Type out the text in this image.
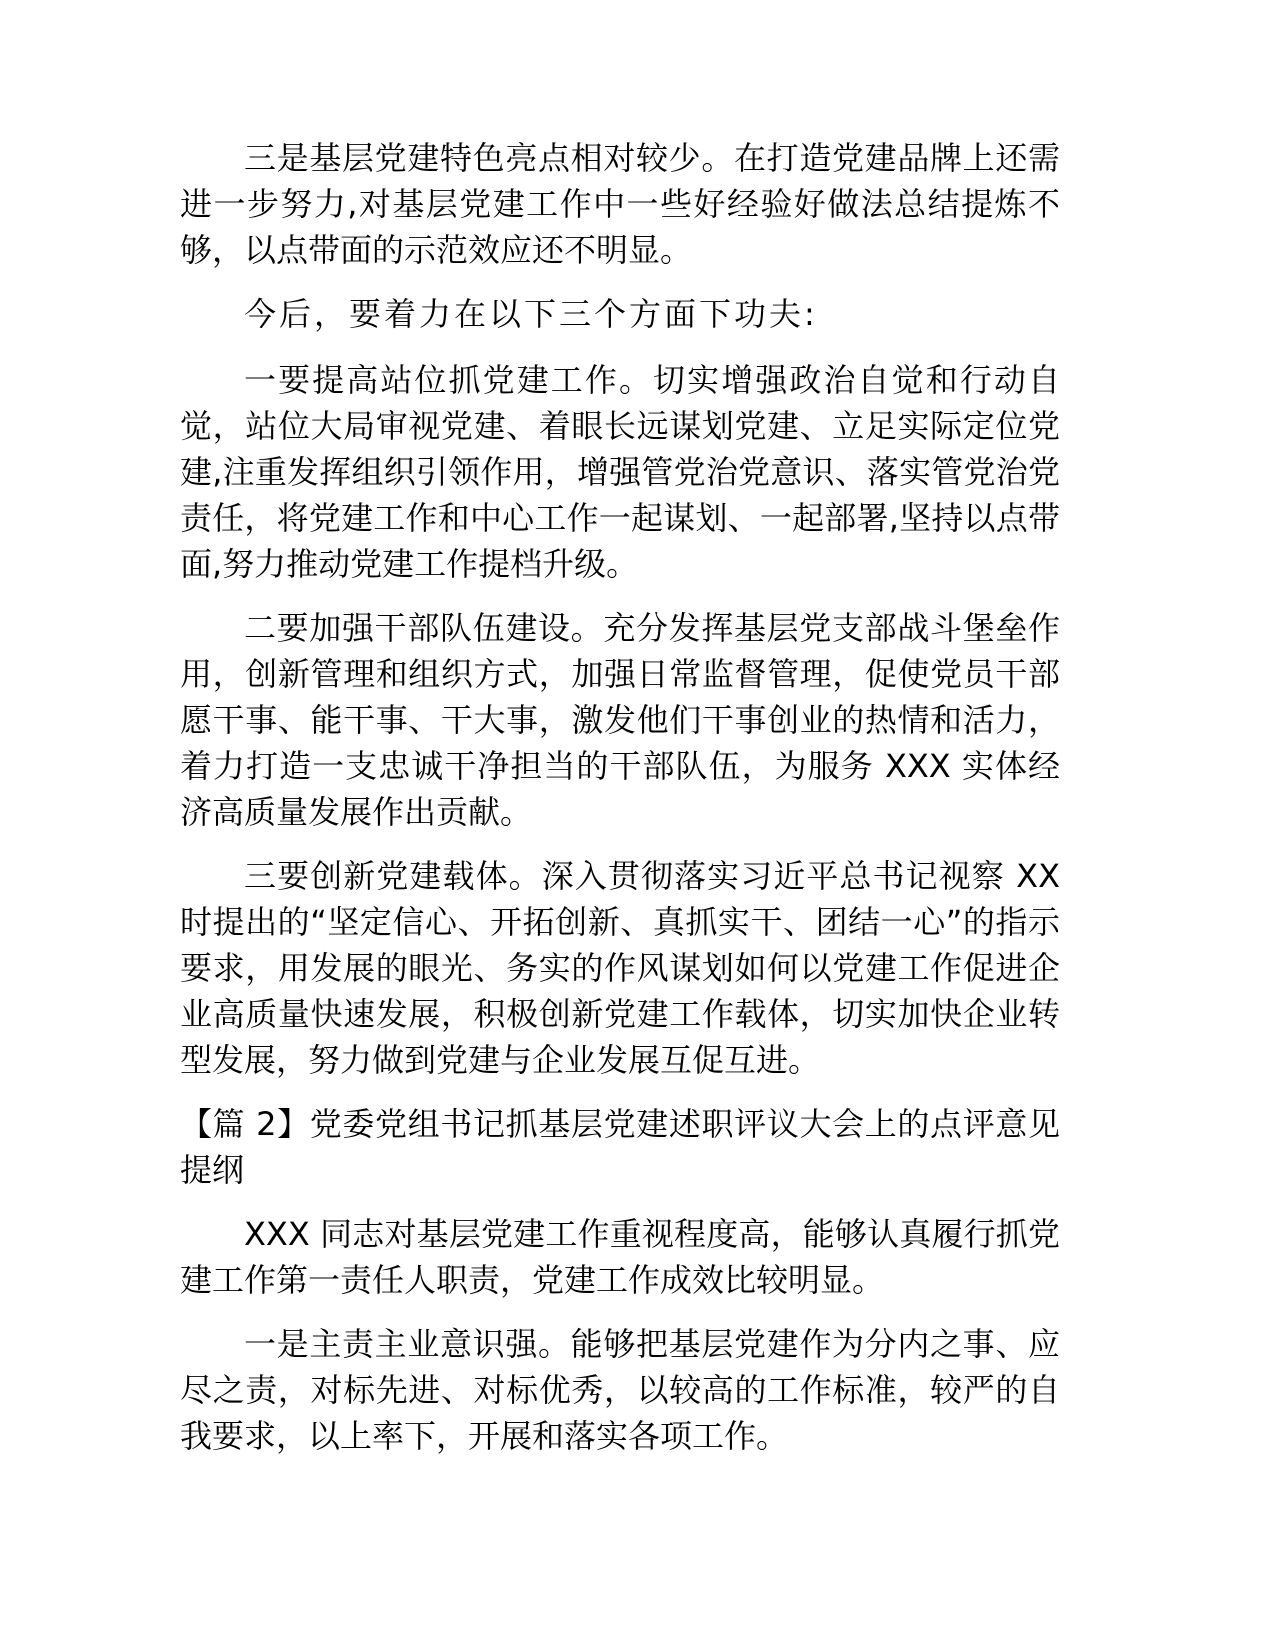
三是基层党建特色亮点相对较少。在打造党建品牌上还需进一步努力,对基层党建工作中一些好经验好做法总结提炼不够，以点带面的示范效应还不明显。

今后，要着力在以下三个方面下功夫:

一要提高站位抓党建工作。切实增强政治自觉和行动自觉，站位大局审视党建、着眼长远谋划党建、立足实际定位党建,注重发挥组织引领作用，增强管党治党意识、落实管党治党责任，将党建工作和中心工作一起谋划、一起部署,坚持以点带面,努力推动党建工作提档升级。

二要加强干部队伍建设。充分发挥基层党支部战斗堡垒作用，创新管理和组织方式，加强日常监督管理，促使党员干部愿干事、能干事、干大事，激发他们干事创业的热情和活力，着力打造一支忠诚干净担当的干部队伍，为服务 XXX 实体经济高质量发展作出贡献。

三要创新党建载体。深入贯彻落实习近平总书记视察 XX 时提出的“坚定信心、开拓创新、真抓实干、团结一心”的指示要求，用发展的眼光、务实的作风谋划如何以党建工作促进企业高质量快速发展，积极创新党建工作载体，切实加快企业转型发展，努力做到党建与企业发展互促互进。

【篇 2】党委党组书记抓基层党建述职评议大会上的点评意见提纲

XXX 同志对基层党建工作重视程度高，能够认真履行抓党建工作第一责任人职责，党建工作成效比较明显。

一是主责主业意识强。能够把基层党建作为分内之事、应尽之责，对标先进、对标优秀，以较高的工作标准，较严的自我要求，以上率下，开展和落实各项工作。
